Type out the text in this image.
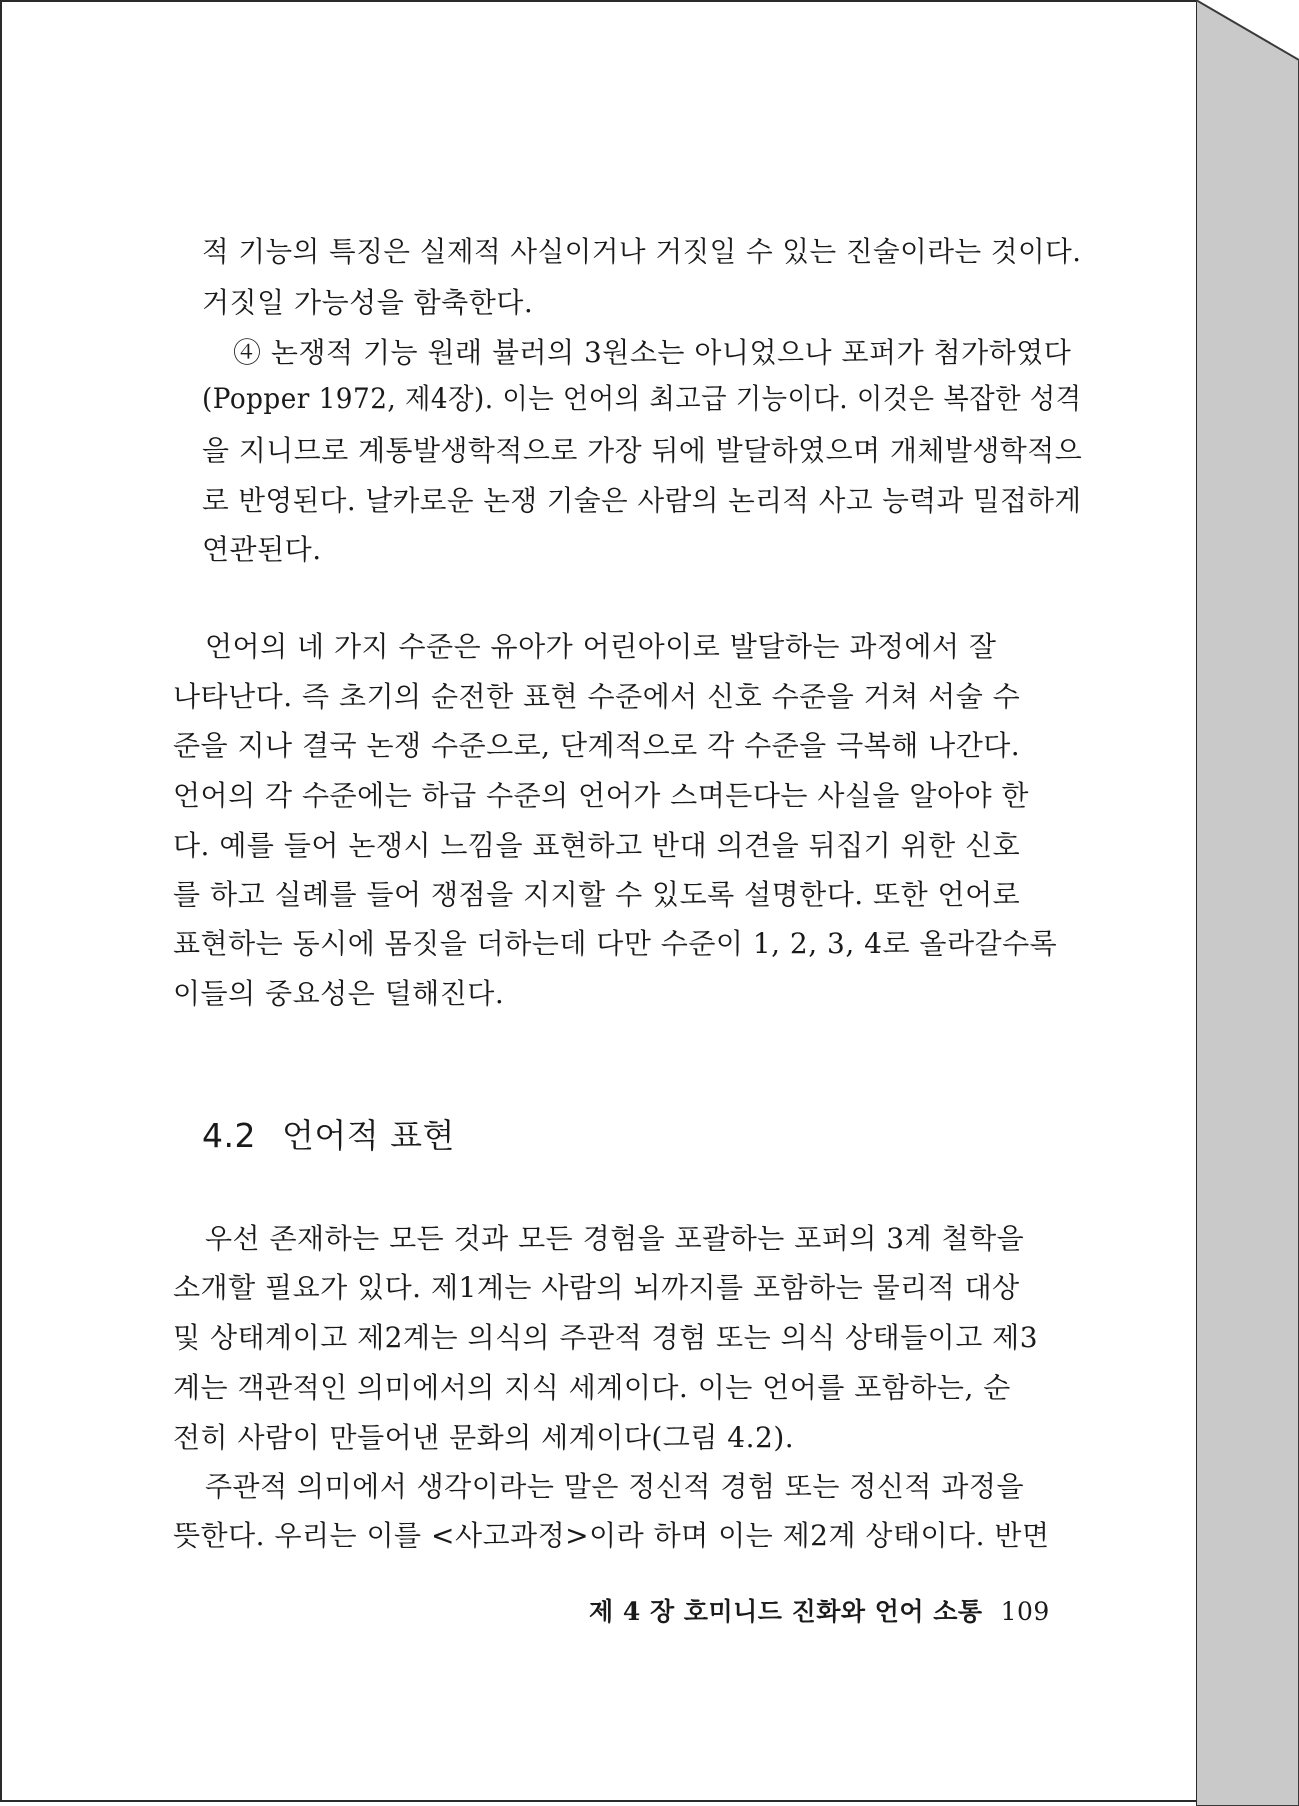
적 기능의 특징은 실제적 사실이거나 거짓일 수 있는 진술이라는 것이다.
거짓일 가능성을 함축한다.
④ 논쟁적 기능 원래 뷸러의 3원소는 아니었으나 포퍼가 첨가하였다
(Popper 1972, 제4장). 이는 언어의 최고급 기능이다. 이것은 복잡한 성격
을 지니므로 계통발생학적으로 가장 뒤에 발달하였으며 개체발생학적으
로 반영된다. 날카로운 논쟁 기술은 사람의 논리적 사고 능력과 밀접하게
연관된다.
언어의 네 가지 수준은 유아가 어린아이로 발달하는 과정에서 잘
나타난다. 즉 초기의 순전한 표현 수준에서 신호 수준을 거쳐 서술 수
준을 지나 결국 논쟁 수준으로, 단계적으로 각 수준을 극복해 나간다.
언어의 각 수준에는 하급 수준의 언어가 스며든다는 사실을 알아야 한
다. 예를 들어 논쟁시 느낌을 표현하고 반대 의견을 뒤집기 위한 신호
를 하고 실례를 들어 쟁점을 지지할 수 있도록 설명한다. 또한 언어로
표현하는 동시에 몸짓을 더하는데 다만 수준이 1, 2, 3, 4로 올라갈수록
이들의 중요성은 덜해진다.
4.2 언어적 표현
우선 존재하는 모든 것과 모든 경험을 포괄하는 포퍼의 3계 철학을
소개할 필요가 있다. 제1계는 사람의 뇌까지를 포함하는 물리적 대상
및 상태계이고 제2계는 의식의 주관적 경험 또는 의식 상태들이고 제3
계는 객관적인 의미에서의 지식 세계이다. 이는 언어를 포함하는, 순
전히 사람이 만들어낸 문화의 세계이다(그림 4.2).
주관적 의미에서 생각이라는 말은 정신적 경험 또는 정신적 과정을
뜻한다. 우리는 이를 <사고과정>이라 하며 이는 제2계 상태이다. 반면
제 4 장 호미니드 진화와 언어 소통 109
